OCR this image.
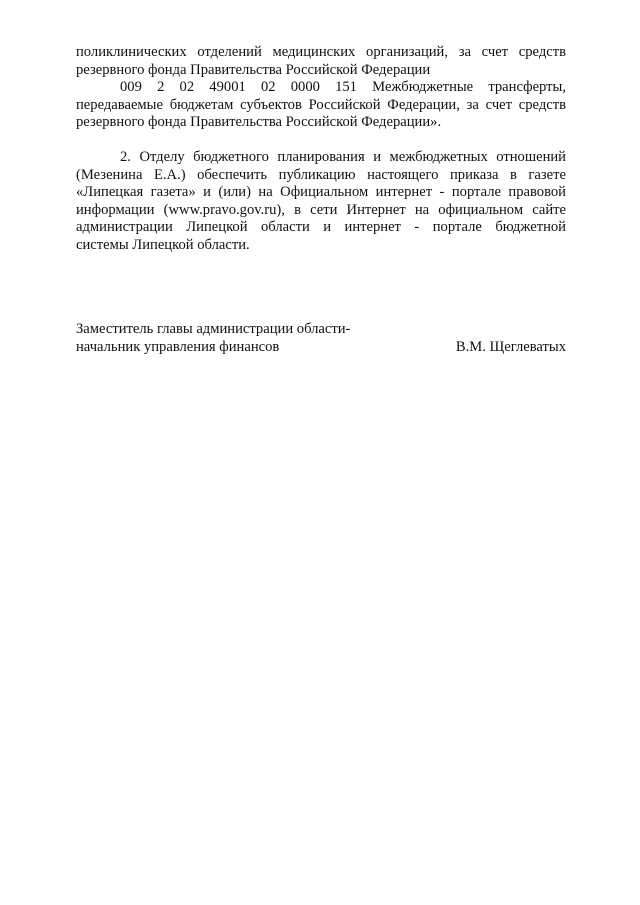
поликлинических отделений медицинских организаций, за счет средств
резервного фонда Правительства Российской Федерации
009 2 02 49001 02 0000 151 Межбюджетные трансферты,
передаваемые бюджетам субъектов Российской Федерации, за счет средств
резервного фонда Правительства Российской Федерации».
2. Отделу бюджетного планирования и межбюджетных отношений
(Мезенина Е.А.) обеспечить публикацию настоящего приказа в газете
«Липецкая газета» и (или) на Официальном интернет - портале правовой
информации (www.pravo.gov.ru), в сети Интернет на официальном сайте
администрации Липецкой области и интернет - портале бюджетной
системы Липецкой области.
Заместитель главы администрации области-
начальник управления финансов	В.М. Щеглеватых
